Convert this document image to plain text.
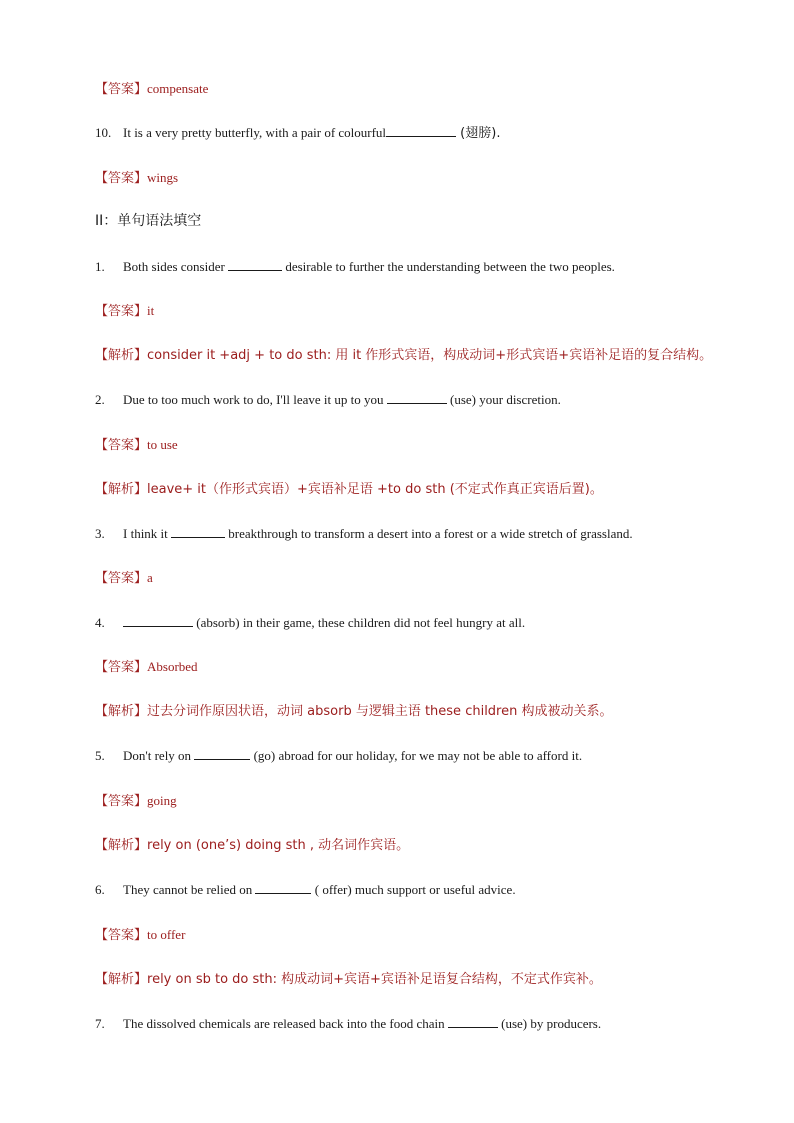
【答案】compensate
10. It is a very pretty butterfly, with a pair of colourful	(翅膀).
【答案】wings
II：单句语法填空
1. Both sides consider	desirable to further the understanding between the two peoples.
【答案】it
【解析】consider it +adj + to do sth: 用 it 作形式宾语，构成动词+形式宾语+宾语补足语的复合结构。
2. Due to too much work to do, I'll leave it up to you	(use) your discretion.
【答案】to use
【解析】leave+ it（作形式宾语）+宾语补足语 +to do sth (不定式作真正宾语后置)。
3. I think it	breakthrough to transform a desert into a forest or a wide stretch of grassland.
【答案】a
4.	(absorb) in their game, these children did not feel hungry at all.
【答案】Absorbed
【解析】过去分词作原因状语，动词 absorb 与逻辑主语 these children 构成被动关系。
5. Don't rely on	(go) abroad for our holiday, for we may not be able to afford it.
【答案】going
【解析】rely on (one’s) doing sth , 动名词作宾语。
6. They cannot be relied on	( offer) much support or useful advice.
【答案】to offer
【解析】rely on sb to do sth: 构成动词+宾语+宾语补足语复合结构，不定式作宾补。
7. The dissolved chemicals are released back into the food chain	(use) by producers.
